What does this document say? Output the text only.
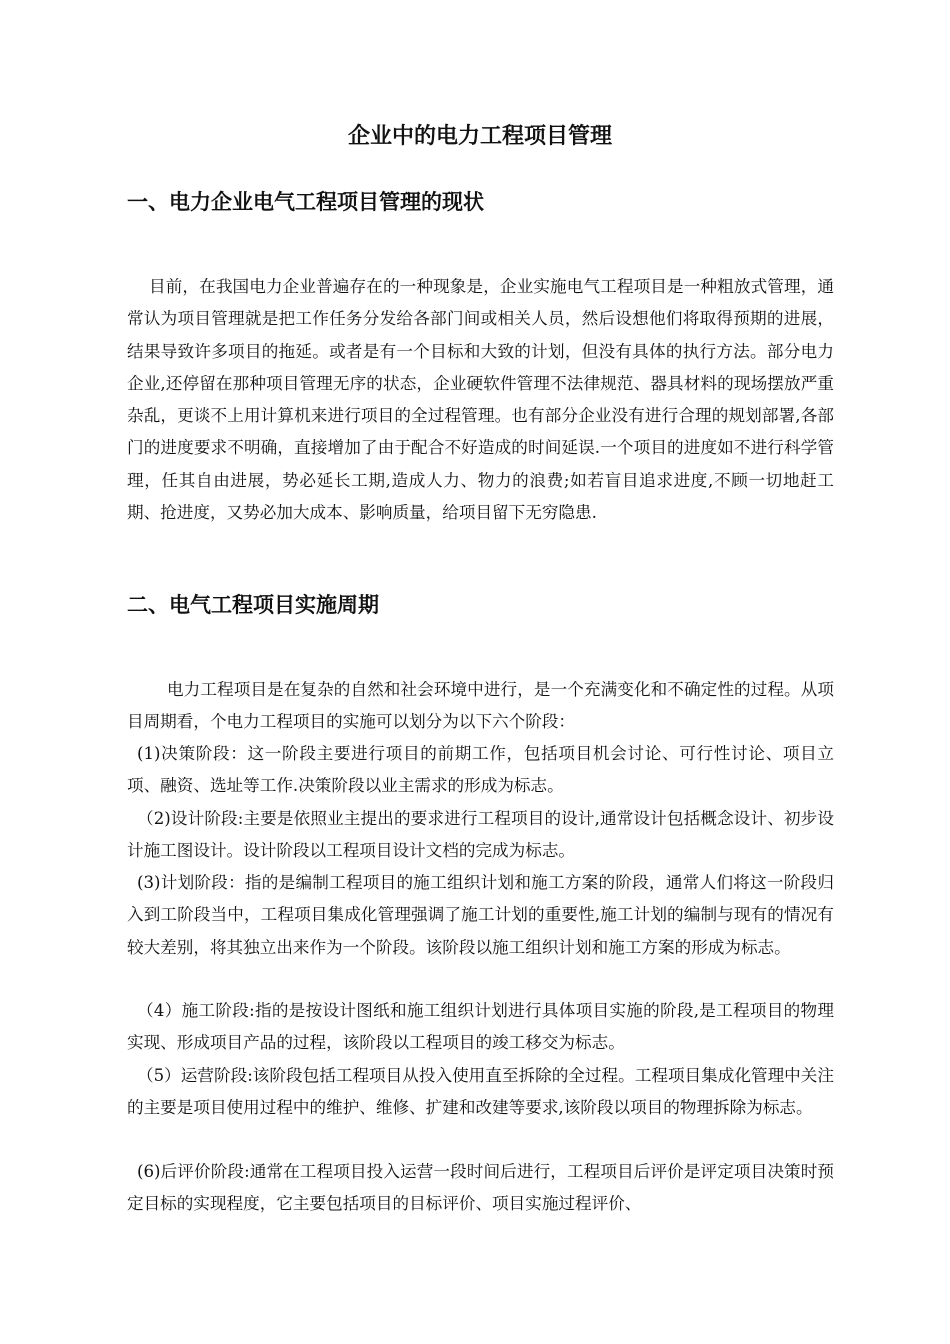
企业中的电力工程项目管理
一、电力企业电气工程项目管理的现状

目前，在我国电力企业普遍存在的一种现象是，企业实施电气工程项目是一种粗放式管理，通常认为项目管理就是把工作任务分发给各部门间或相关人员，然后设想他们将取得预期的进展，结果导致许多项目的拖延。或者是有一个目标和大致的计划，但没有具体的执行方法。部分电力企业,还停留在那种项目管理无序的状态，企业硬软件管理不法律规范、器具材料的现场摆放严重杂乱，更谈不上用计算机来进行项目的全过程管理。也有部分企业没有进行合理的规划部署,各部门的进度要求不明确，直接增加了由于配合不好造成的时间延误.一个项目的进度如不进行科学管理，任其自由进展，势必延长工期,造成人力、物力的浪费;如若盲目追求进度,不顾一切地赶工期、抢进度，又势必加大成本、影响质量，给项目留下无穷隐患.

二、电气工程项目实施周期

电力工程项目是在复杂的自然和社会环境中进行，是一个充满变化和不确定性的过程。从项目周期看，个电力工程项目的实施可以划分为以下六个阶段：

(1)决策阶段：这一阶段主要进行项目的前期工作，包括项目机会讨论、可行性讨论、项目立项、融资、选址等工作.决策阶段以业主需求的形成为标志。

（2)设计阶段:主要是依照业主提出的要求进行工程项目的设计,通常设计包括概念设计、初步设计施工图设计。设计阶段以工程项目设计文档的完成为标志。

(3)计划阶段：指的是编制工程项目的施工组织计划和施工方案的阶段，通常人们将这一阶段归入到工阶段当中，工程项目集成化管理强调了施工计划的重要性,施工计划的编制与现有的情况有较大差别，将其独立出来作为一个阶段。该阶段以施工组织计划和施工方案的形成为标志。

（4）施工阶段:指的是按设计图纸和施工组织计划进行具体项目实施的阶段,是工程项目的物理实现、形成项目产品的过程，该阶段以工程项目的竣工移交为标志。

（5）运营阶段:该阶段包括工程项目从投入使用直至拆除的全过程。工程项目集成化管理中关注的主要是项目使用过程中的维护、维修、扩建和改建等要求,该阶段以项目的物理拆除为标志。

(6)后评价阶段:通常在工程项目投入运营一段时间后进行，工程项目后评价是评定项目决策时预定目标的实现程度，它主要包括项目的目标评价、项目实施过程评价、
